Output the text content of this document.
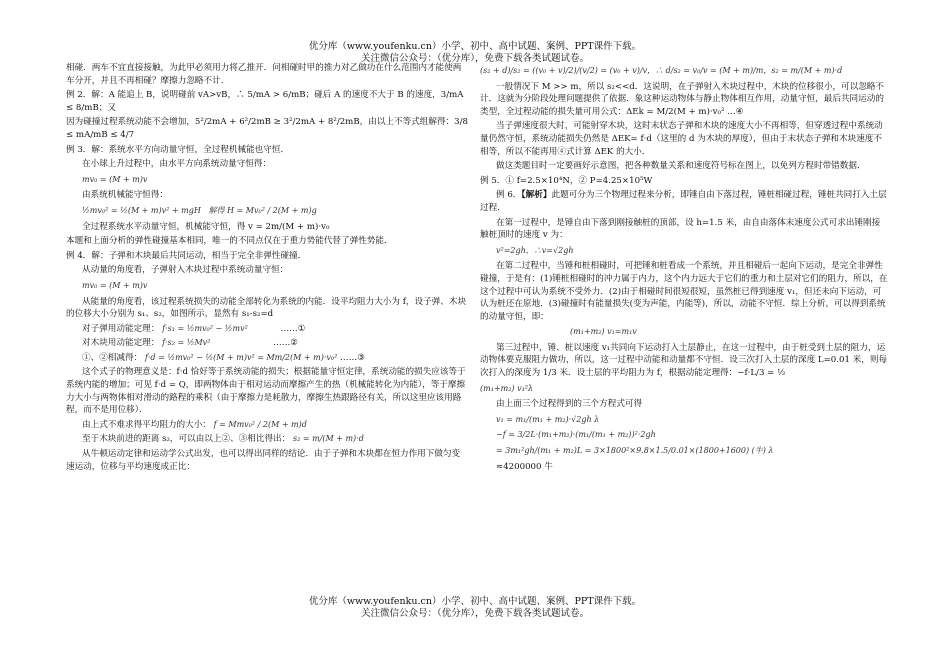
优分库（www.youfenku.cn）小学、初中、高中试题、案例、PPT课件下载。
关注微信公众号：（优分库），免费下载各类试题试卷。

相碰．两车不宜直接接触，为此甲必须用力将乙推开．问相碰时甲的推力对乙做功在什么范围内才能使两车分开，并且不再相碰？摩擦力忽略不计．

例 2．解：A 能追上 B，说明碰前 vA>vB，∴ 5/mA > 6/mB；碰后 A 的速度不大于 B 的速度，3/mA ≤ 8/mB；又

因为碰撞过程系统动能不会增加，5²/2mA + 6²/2mB ≥ 3²/2mA + 8²/2mB，由以上不等式组解得：3/8 ≤ mA/mB ≤ 4/7

例 3．解：系统水平方向动量守恒，全过程机械能也守恒．

在小球上升过程中，由水平方向系统动量守恒得：

mv₀ = (M + m)v

由系统机械能守恒得：

½mv₀² = ½(M + m)v² + mgH 解得 H = Mv₀² / 2(M + m)g

全过程系统水平动量守恒，机械能守恒，得 v = 2m/(M + m)·v₀

本题和上面分析的弹性碰撞基本相同，唯一的不同点仅在于重力势能代替了弹性势能．

例 4．解：子弹和木块最后共同运动，相当于完全非弹性碰撞．

从动量的角度看，子弹射入木块过程中系统动量守恒：

mv₀ = (M + m)v

从能量的角度看，该过程系统损失的动能全部转化为系统的内能．设平均阻力大小为 f，设子弹、木块的位移大小分别为 s₁、s₂，如图所示，显然有 s₁-s₂=d

对子弹用动能定理： f·s₁ = ½mv₀² − ½mv²	……①

对木块用动能定理： f·s₂ = ½Mv²	……②

①、②相减得： f·d = ½mv₀² − ½(M + m)v² = Mm/2(M + m)·v₀² ……③

这个式子的物理意义是：f·d 恰好等于系统动能的损失；根据能量守恒定律，系统动能的损失应该等于系统内能的增加；可见 f·d = Q，即两物体由于相对运动而摩擦产生的热（机械能转化为内能），等于摩擦力大小与两物体相对滑动的路程的乘积（由于摩擦力是耗散力，摩擦生热跟路径有关，所以这里应该用路程，而不是用位移）．

由上式不难求得平均阻力的大小： f = Mmv₀² / 2(M + m)d

至于木块前进的距离 s₂，可以由以上②、③相比得出： s₂ = m/(M + m)·d

从牛顿运动定律和运动学公式出发，也可以得出同样的结论．由于子弹和木块都在恒力作用下做匀变速运动，位移与平均速度成正比：

(s₂ + d)/s₂ = ((v₀ + v)/2)/(v/2) = (v₀ + v)/v，∴ d/s₂ = v₀/v = (M + m)/m，s₂ = m/(M + m)·d

一般情况下 M >> m，所以 s₂<<d．这说明，在子弹射入木块过程中，木块的位移很小，可以忽略不计．这就为分阶段处理问题提供了依据．象这种运动物体与静止物体相互作用，动量守恒，最后共同运动的类型，全过程动能的损失量可用公式：ΔEk = M/2(M + m)·v₀² …④

当子弹速度很大时，可能射穿木块，这时末状态子弹和木块的速度大小不再相等，但穿透过程中系统动量仍然守恒，系统动能损失仍然是 ΔEK= f·d（这里的 d 为木块的厚度），但由于末状态子弹和木块速度不相等，所以不能再用④式计算 ΔEK 的大小．

做这类题目时一定要画好示意图，把各种数量关系和速度符号标在图上，以免列方程时带错数据．

例 5．① f=2.5×10⁴N，② P=4.25×10⁵W

例 6．【解析】此题可分为三个物理过程来分析，即锤自由下落过程，锤桩相碰过程，锤桩共同打入土层过程．

在第一过程中，是锤自由下落到刚接触桩的顶部，设 h=1.5 米，由自由落体末速度公式可求出锤刚接触桩顶时的速度 v 为：

v²=2gh，∴v=√2gh

在第二过程中，当锤和桩相碰时，可把锤和桩看成一个系统，并且相碰后一起向下运动，是完全非弹性碰撞，于是有：(1)锤桩相碰时的冲力属于内力，这个内力远大于它们的重力和土层对它们的阻力，所以，在这个过程中可认为系统不受外力．(2)由于相碰时间很短很短，虽然桩已得到速度 v₁，但还未向下运动，可认为桩还在原地．(3)碰撞时有能量损失(变为声能，内能等)，所以，动能不守恒．综上分析，可以得到系统的动量守恒，即：

(m₁+m₂) v₁=m₁v

第三过程中，锤、桩以速度 v₁共同向下运动打入土层静止，在这一过程中，由于桩受到土层的阻力，运动物体要克服阻力做功，所以，这一过程中动能和动量都不守恒．设三次打入土层的深度 L=0.01 米，则每次打入的深度为 1/3 米．设土层的平均阻力为 f，根据动能定理得：−f·L/3 = ½

(m₁+m₂) v₁²λ

由上面三个过程得到的三个方程式可得

v₁ = m₁/(m₁ + m₂)·√2gh λ
−f = 3/2L·(m₁+m₂)·(m₁/(m₁ + m₂))²·2gh
= 3m₁²gh/(m₁ + m₂)L = 3×1800²×9.8×1.5/0.01×(1800+1600) (牛) λ
≈4200000 牛
优分库（www.youfenku.cn）小学、初中、高中试题、案例、PPT课件下载。
关注微信公众号：（优分库），免费下载各类试题试卷。
